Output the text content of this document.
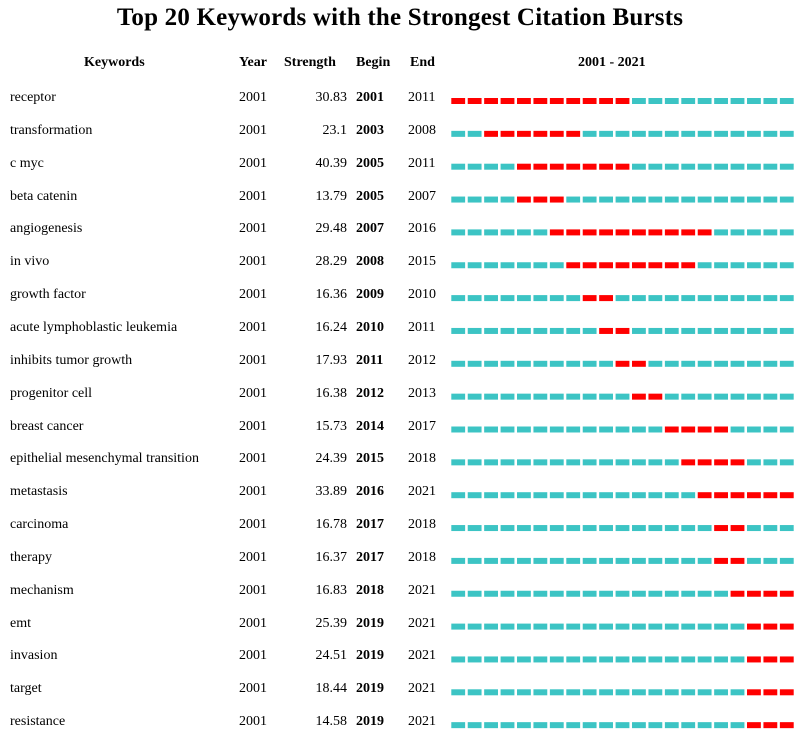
Top 20 Keywords with the Strongest Citation Bursts
Keywords	Year Strength Begin End	2001 - 2021
receptor	2001	30.83 2001 2011
transformation	2001	23.1 2003 2008
c myc	2001	40.39 2005 2011
beta catenin	2001	13.79 2005 2007
angiogenesis	2001	29.48 2007 2016
in vivo	2001	28.29 2008 2015
growth factor	2001	16.36 2009 2010
acute lymphoblastic leukemia	2001	16.24 2010 2011
inhibits tumor growth	2001	17.93 2011 2012
progenitor cell	2001	16.38 2012 2013
breast cancer	2001	15.73 2014 2017
epithelial mesenchymal transition	2001	24.39 2015 2018
metastasis	2001	33.89 2016 2021
carcinoma	2001	16.78 2017 2018
therapy	2001	16.37 2017 2018
mechanism	2001	16.83 2018 2021
emt	2001	25.39 2019 2021
invasion	2001	24.51 2019 2021
target	2001	18.44 2019 2021
resistance	2001	14.58 2019 2021
